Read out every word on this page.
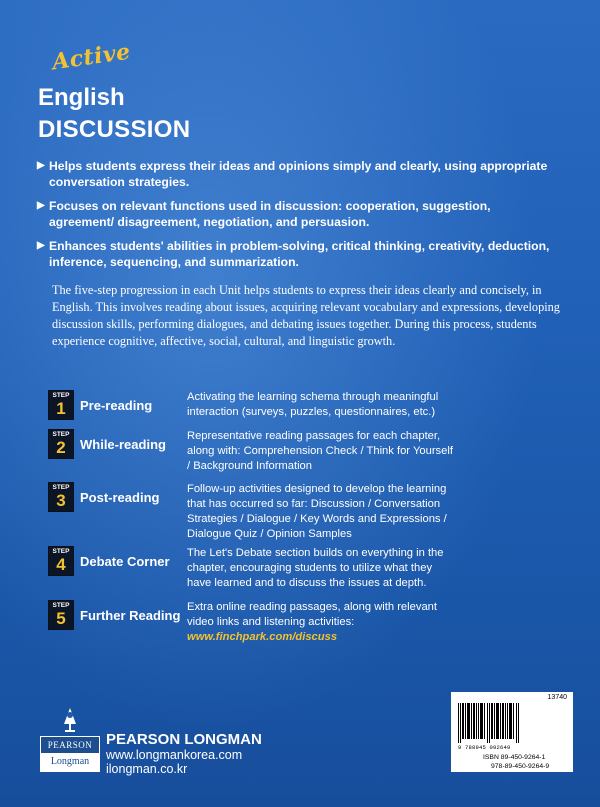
Active
English
DISCUSSION
▶ Helps students express their ideas and opinions simply and clearly, using appropriate conversation strategies.
▶ Focuses on relevant functions used in discussion: cooperation, suggestion, agreement/ disagreement, negotiation, and persuasion.
▶ Enhances students' abilities in problem-solving, critical thinking, creativity, deduction, inference, sequencing, and summarization.

The five-step progression in each Unit helps students to express their ideas clearly and concisely, in English. This involves reading about issues, acquiring relevant vocabulary and expressions, developing discussion skills, performing dialogues, and debating issues together. During this process, students experience cognitive, affective, social, cultural, and linguistic growth.

STEP
1	Pre-reading
Activating the learning schema through meaningful interaction (surveys, puzzles, questionnaires, etc.)
STEP
2	While-reading
Representative reading passages for each chapter, along with: Comprehension Check / Think for Yourself / Background Information
STEP
3	Post-reading
Follow-up activities designed to develop the learning that has occurred so far: Discussion / Conversation Strategies / Dialogue / Key Words and Expressions / Dialogue Quiz / Opinion Samples
STEP
4	Debate Corner
The Let's Debate section builds on everything in the chapter, encouraging students to utilize what they have learned and to discuss the issues at depth.
STEP
5	Further Reading
Extra online reading passages, along with relevant video links and listening activities:
www.finchpark.com/discuss
PEARSON
Longman
PEARSON LONGMAN
www.longmankorea.com
ilongman.co.kr
13740
9 788945 092649
ISBN 89-450-9264-1
978-89-450-9264-9
